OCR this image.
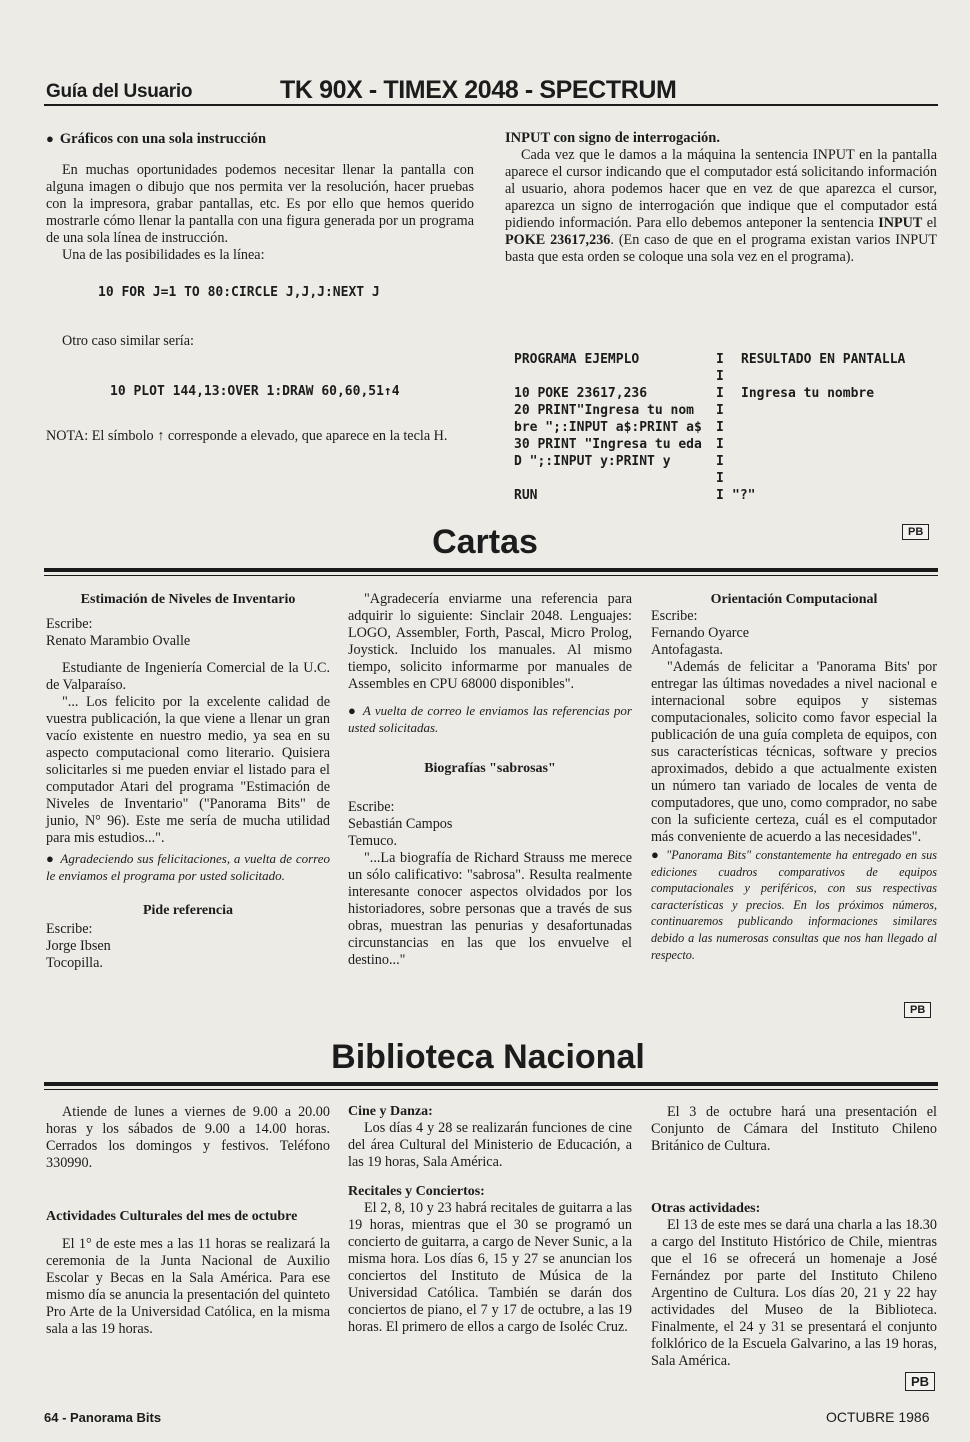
Guía del Usuario	TK 90X - TIMEX 2048 - SPECTRUM
● Gráficos con una sola instrucción

En muchas oportunidades podemos necesitar llenar la pantalla con alguna imagen o dibujo que nos permita ver la resolución, hacer pruebas con la impresora, grabar pantallas, etc. Es por ello que hemos querido mostrarle cómo llenar la pantalla con una figura generada por un programa de una sola línea de instrucción.

Una de las posibilidades es la línea:

10 FOR J=1 TO 80:CIRCLE J,J,J:NEXT J

Otro caso similar sería:

10 PLOT 144,13:OVER 1:DRAW 60,60,51↑4
NOTA: El símbolo ↑ corresponde a elevado, que aparece en la tecla H.
INPUT con signo de interrogación.
Cada vez que le damos a la máquina la sentencia INPUT en la pantalla aparece el cursor indicando que el computador está solicitando información al usuario, ahora podemos hacer que en vez de que aparezca el cursor, aparezca un signo de interrogación que indique que el computador está pidiendo información. Para ello debemos anteponer la sentencia INPUT el POKE 23617,236. (En caso de que en el programa existan varios INPUT basta que esta orden se coloque una sola vez en el programa).
PROGRAMA EJEMPLO	I RESULTADO EN PANTALLA
I
10 POKE 23617,236	I Ingresa tu nombre
20 PRINT"Ingresa tu nom I
bre ";:INPUT a$:PRINT a$ I
30 PRINT "Ingresa tu eda I
D ";:INPUT y:PRINT y	I
I
RUN	I "?"
PB
Cartas
Estimación de Niveles de Inventario
Escribe:
Renato Marambio Ovalle

Estudiante de Ingeniería Comercial de la U.C. de Valparaíso.

"... Los felicito por la excelente calidad de vuestra publicación, la que viene a llenar un gran vacío existente en nuestro medio, ya sea en su aspecto computacional como literario. Quisiera solicitarles si me pueden enviar el listado para el computador Atari del programa "Estimación de Niveles de Inventario" ("Panorama Bits" de junio, N° 96). Este me sería de mucha utilidad para mis estudios...".

● Agradeciendo sus felicitaciones, a vuelta de correo le enviamos el programa por usted solicitado.
Pide referencia
Escribe:
Jorge Ibsen
Tocopilla.

"Agradecería enviarme una referencia para adquirir lo siguiente: Sinclair 2048. Lenguajes: LOGO, Assembler, Forth, Pascal, Micro Prolog, Joystick. Incluido los manuales. Al mismo tiempo, solicito informarme por manuales de Assembles en CPU 68000 disponibles".

● A vuelta de correo le enviamos las referencias por usted solicitadas.
Biografías "sabrosas"
Escribe:
Sebastián Campos
Temuco.

"...La biografía de Richard Strauss me merece un sólo calificativo: "sabrosa". Resulta realmente interesante conocer aspectos olvidados por los historiadores, sobre personas que a través de sus obras, muestran las penurias y desafortunadas circunstancias en las que los envuelve el destino..."

Orientación Computacional
Escribe:
Fernando Oyarce
Antofagasta.

"Además de felicitar a 'Panorama Bits' por entregar las últimas novedades a nivel nacional e internacional sobre equipos y sistemas computacionales, solicito como favor especial la publicación de una guía completa de equipos, con sus características técnicas, software y precios aproximados, debido a que actualmente existen un número tan variado de locales de venta de computadores, que uno, como comprador, no sabe con la suficiente certeza, cuál es el computador más conveniente de acuerdo a las necesidades".

● "Panorama Bits" constantemente ha entregado en sus ediciones cuadros comparativos de equipos computacionales y periféricos, con sus respectivas características y precios. En los próximos números, continuaremos publicando informaciones similares debido a las numerosas consultas que nos han llegado al respecto.
PB
Biblioteca Nacional

Atiende de lunes a viernes de 9.00 a 20.00 horas y los sábados de 9.00 a 14.00 horas. Cerrados los domingos y festivos. Teléfono 330990.

Actividades Culturales del mes de octubre

El 1° de este mes a las 11 horas se realizará la ceremonia de la Junta Nacional de Auxilio Escolar y Becas en la Sala América. Para ese mismo día se anuncia la presentación del quinteto Pro Arte de la Universidad Católica, en la misma sala a las 19 horas.

Cine y Danza:

Los días 4 y 28 se realizarán funciones de cine del área Cultural del Ministerio de Educación, a las 19 horas, Sala América.

Recitales y Conciertos:

El 2, 8, 10 y 23 habrá recitales de guitarra a las 19 horas, mientras que el 30 se programó un concierto de guitarra, a cargo de Never Sunic, a la misma hora. Los días 6, 15 y 27 se anuncian los conciertos del Instituto de Música de la Universidad Católica. También se darán dos conciertos de piano, el 7 y 17 de octubre, a las 19 horas. El primero de ellos a cargo de Isoléc Cruz.

El 3 de octubre hará una presentación el Conjunto de Cámara del Instituto Chileno Británico de Cultura.

Otras actividades:

El 13 de este mes se dará una charla a las 18.30 a cargo del Instituto Histórico de Chile, mientras que el 16 se ofrecerá un homenaje a José Fernández por parte del Instituto Chileno Argentino de Cultura. Los días 20, 21 y 22 hay actividades del Museo de la Biblioteca. Finalmente, el 24 y 31 se presentará el conjunto folklórico de la Escuela Galvarino, a las 19 horas, Sala América.

PB
64 - Panorama Bits	OCTUBRE 1986
